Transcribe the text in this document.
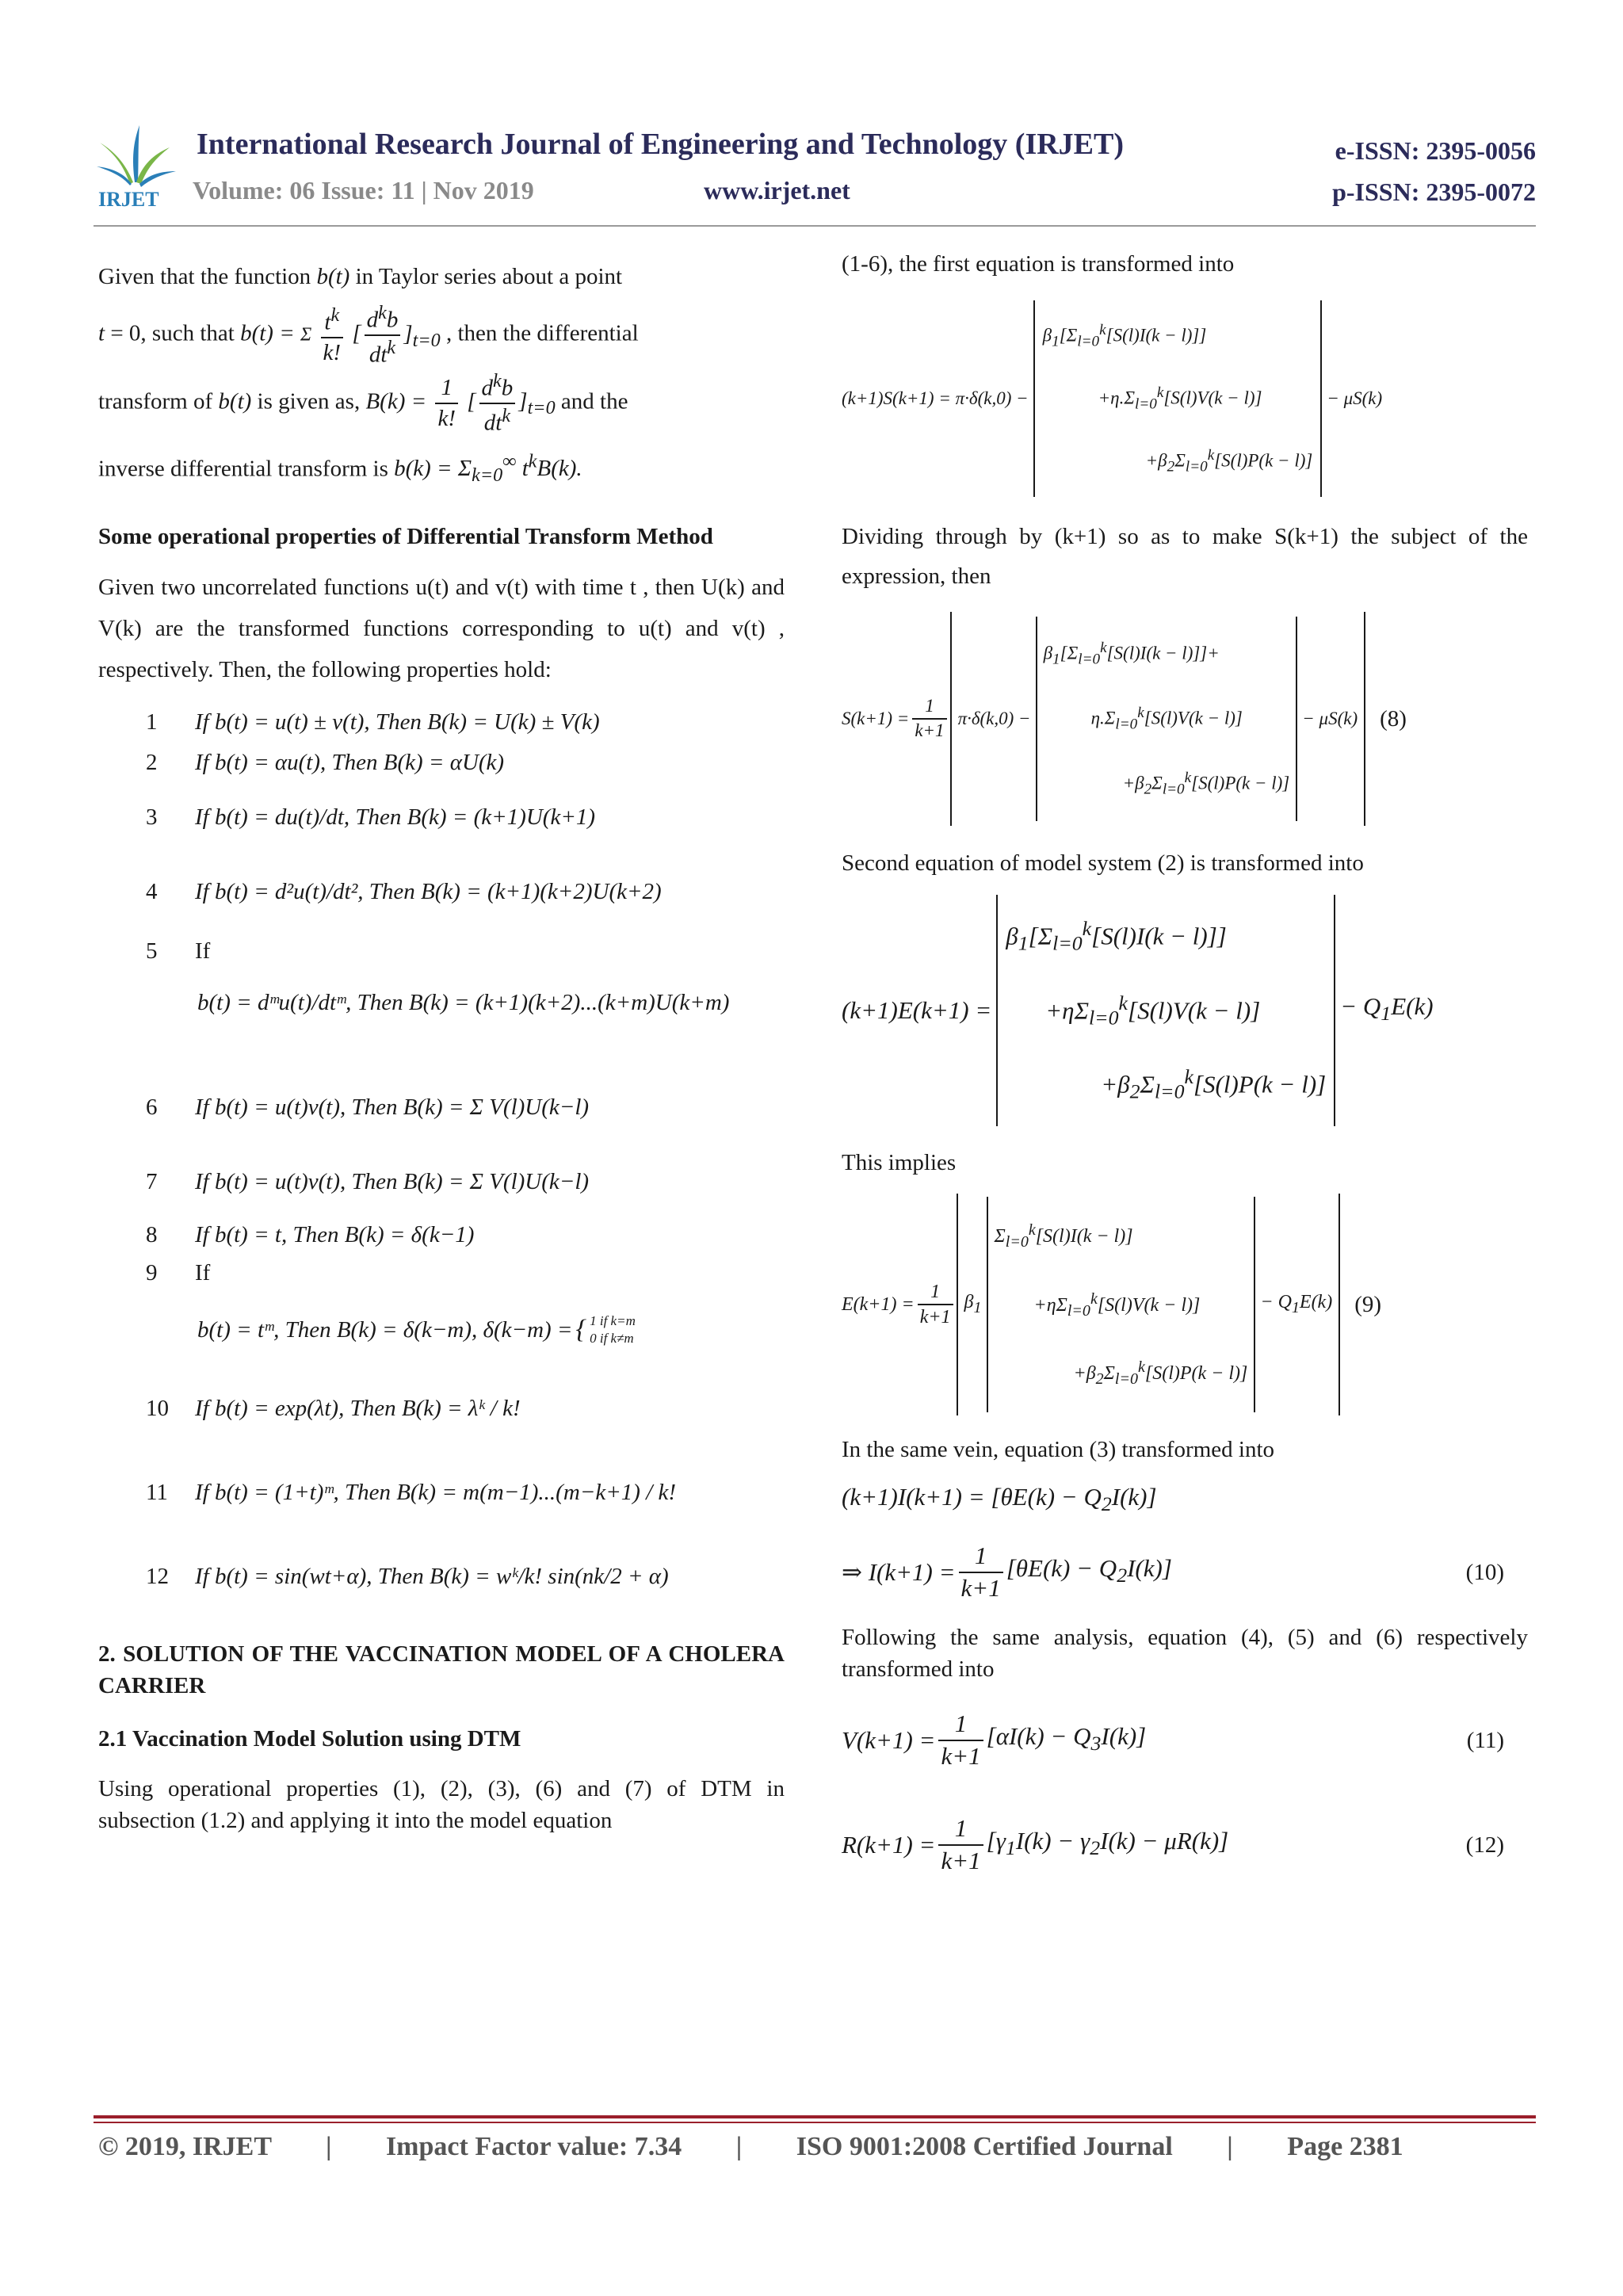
IRJET
International Research Journal of Engineering and Technology (IRJET)	e-ISSN: 2395-0056
Volume: 06 Issue: 11 | Nov 2019	www.irjet.net	p-ISSN: 2395-0072

Given that the function b(t) in Taylor series about a point
t = 0, such that b(t) = Σ $\frac{t^k}{k!}$ [ $\frac{d^kb}{dt^k} ]_{t=0}$ , then the differential
transform of b(t) is given as, $B(k) = \frac{1}{k!}$ [ $\frac{d^kb}{dt^k} ]_{t=0}$ and the
inverse differential transform is $b(k) = \Sigma_{k=0}^\infty$ $t^kB(k)$.

Some operational properties of Differential Transform Method

Given two uncorrelated functions u(t) and v(t) with time t , then U(k) and V(k) are the transformed functions corresponding to u(t) and v(t) , respectively. Then, the following properties hold:

1	If b(t) = u(t) ± v(t), Then B(k) = U(k) ± V(k)
2	If b(t) = αu(t), Then B(k) = αU(k)
3	If b(t) = du(t)/dt, Then B(k) = (k+1)U(k+1)
4	If b(t) = d²u(t)/dt², Then B(k) = (k+1)(k+2)U(k+2)
5	If
b(t) = dᵐu(t)/dtᵐ, Then B(k) = (k+1)(k+2)...(k+m)U(k+m)
6	If b(t) = u(t)v(t), Then B(k) = Σ V(l)U(k−l)
7	If b(t) = u(t)v(t), Then B(k) = Σ V(l)U(k−l)
8	If b(t) = t, Then B(k) = δ(k−1)
9	If
b(t) = tᵐ, Then B(k) = δ(k−m), δ(k−m) = { 1 if k=m
0 if k≠m
10	If b(t) = exp(λt), Then B(k) = λᵏ / k!
11	If b(t) = (1+t)ᵐ, Then B(k) = m(m−1)...(m−k+1) / k!
12	If b(t) = sin(wt+α), Then B(k) = wᵏ/k! sin(nk/2 + α)

2. SOLUTION OF THE VACCINATION MODEL OF A CHOLERA CARRIER

2.1 Vaccination Model Solution using DTM

Using operational properties (1), (2), (3), (6) and (7) of DTM in subsection (1.2) and applying it into the model equation

(1-6), the first equation is transformed into

(k+1)S(k+1) = π·δ(k,0) −
$\beta_1[\Sigma_{l=0}^k[S(l)I(k - l)]]$
$+\eta.\Sigma_{l=0}^k[S(l)V(k - l)]$
$+\beta_2\Sigma_{l=0}^k[S(l)P(k - l)]$
− μS(k)

Dividing through by (k+1) so as to make S(k+1) the subject of the expression, then

$S(k+1) = \frac{1}{k+1} \pi\cdot\delta(k,0)$ −
$\beta_1[\Sigma_{l=0}^k[S(l)I(k - l)]]+$
$\eta.\Sigma_{l=0}^k[S(l)V(k - l)]$
$+\beta_2\Sigma_{l=0}^k[S(l)P(k - l)]$
− μS(k) (8)

Second equation of model system (2) is transformed into

(k+1)E(k+1) =
$\beta_1[\Sigma_{l=0}^k[S(l)I(k - l)]]$
$+\eta\Sigma_{l=0}^k[S(l)V(k - l)]$
$+\beta_2\Sigma_{l=0}^k[S(l)P(k - l)]$
− $Q_1E(k)$

This implies

$E(k+1) = \frac{1}{k+1} \beta_1$
$\Sigma_{l=0}^k[S(l)I(k - l)]$
$+\eta\Sigma_{l=0}^k[S(l)V(k - l)]$
$+\beta_2\Sigma_{l=0}^k[S(l)P(k - l)]$
− $Q_1E(k)$ (9)

In the same vein, equation (3) transformed into

$(k+1)I(k+1) = [\theta E(k) - Q_2I(k)]$
⇒ $I(k+1) = \frac{1}{k+1} [\theta E(k) - Q_2I(k)]$	(10)

Following the same analysis, equation (4), (5) and (6) respectively transformed into

$V(k+1) = \frac{1}{k+1} [\alpha I(k) - Q_3I(k)]$	(11)
$R(k+1) = \frac{1}{k+1} [\gamma_1I(k) - \gamma_2I(k) - \mu R(k)]$	(12)
© 2019, IRJET | Impact Factor value: 7.34 | ISO 9001:2008 Certified Journal | Page 2381
